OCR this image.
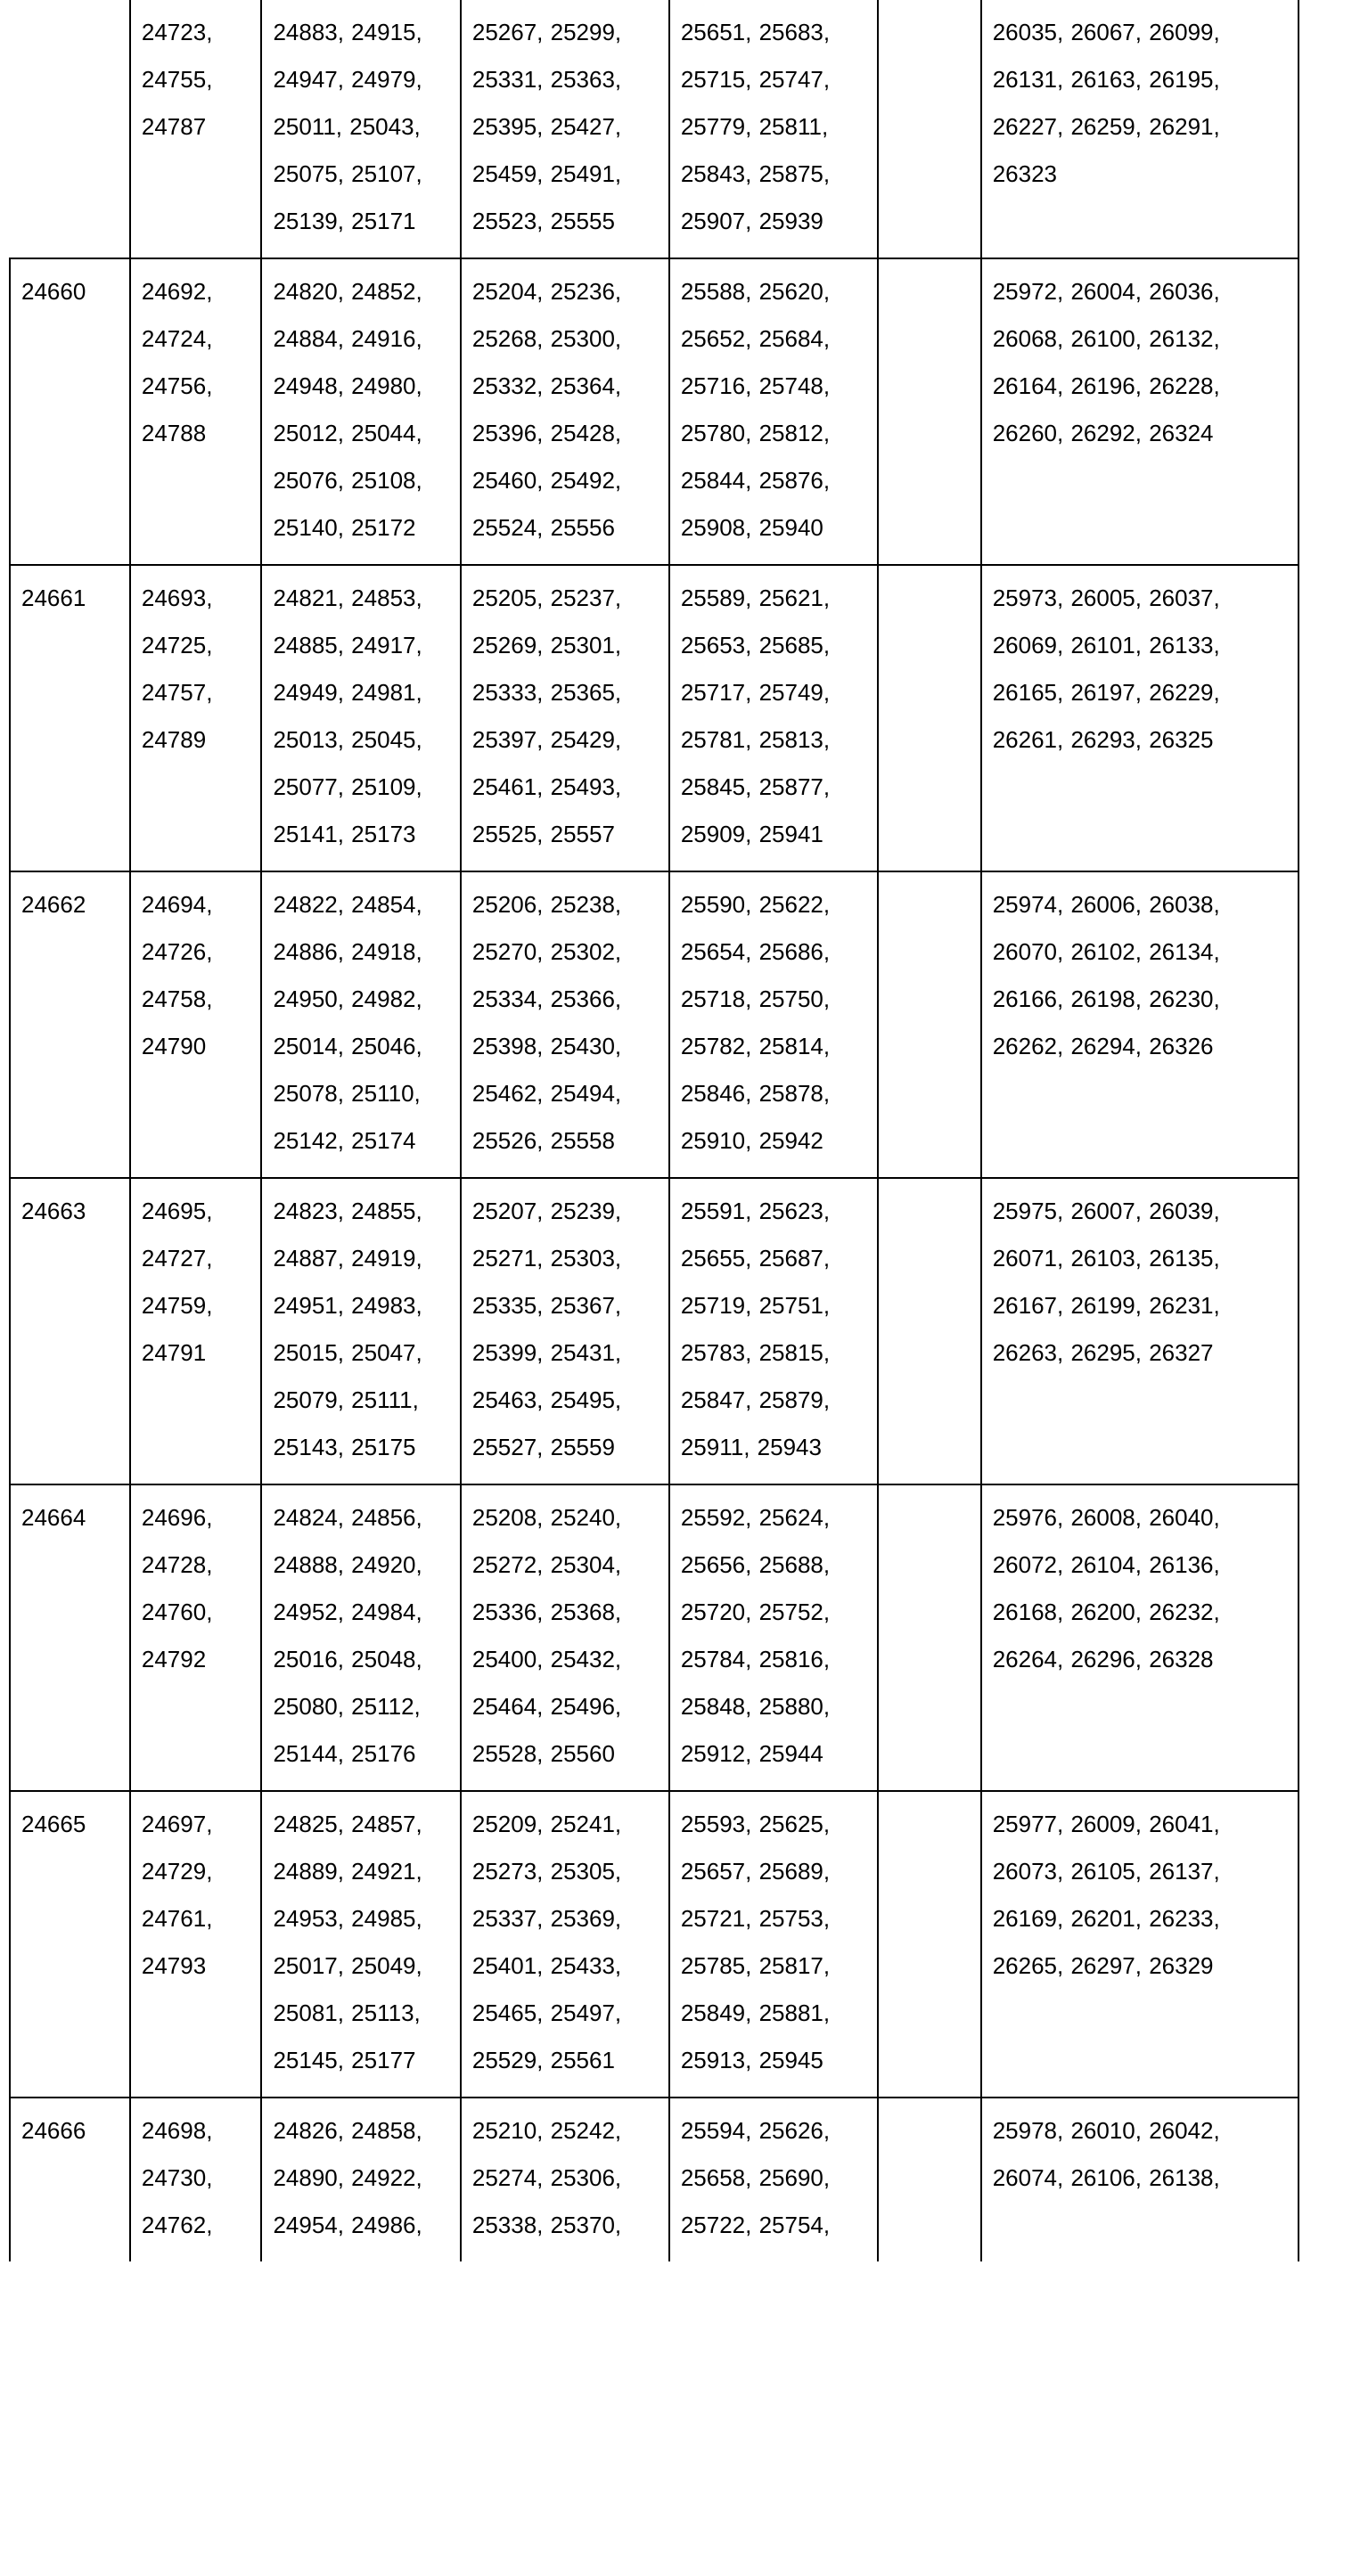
	24723, 24755, 24787	24883, 24915, 24947, 24979, 25011, 25043, 25075, 25107, 25139, 25171	25267, 25299, 25331, 25363, 25395, 25427, 25459, 25491, 25523, 25555	25651, 25683, 25715, 25747, 25779, 25811, 25843, 25875, 25907, 25939		26035, 26067, 26099, 26131, 26163, 26195, 26227, 26259, 26291, 26323
24660	24692, 24724, 24756, 24788	24820, 24852, 24884, 24916, 24948, 24980, 25012, 25044, 25076, 25108, 25140, 25172	25204, 25236, 25268, 25300, 25332, 25364, 25396, 25428, 25460, 25492, 25524, 25556	25588, 25620, 25652, 25684, 25716, 25748, 25780, 25812, 25844, 25876, 25908, 25940		25972, 26004, 26036, 26068, 26100, 26132, 26164, 26196, 26228, 26260, 26292, 26324
24661	24693, 24725, 24757, 24789	24821, 24853, 24885, 24917, 24949, 24981, 25013, 25045, 25077, 25109, 25141, 25173	25205, 25237, 25269, 25301, 25333, 25365, 25397, 25429, 25461, 25493, 25525, 25557	25589, 25621, 25653, 25685, 25717, 25749, 25781, 25813, 25845, 25877, 25909, 25941		25973, 26005, 26037, 26069, 26101, 26133, 26165, 26197, 26229, 26261, 26293, 26325
24662	24694, 24726, 24758, 24790	24822, 24854, 24886, 24918, 24950, 24982, 25014, 25046, 25078, 25110, 25142, 25174	25206, 25238, 25270, 25302, 25334, 25366, 25398, 25430, 25462, 25494, 25526, 25558	25590, 25622, 25654, 25686, 25718, 25750, 25782, 25814, 25846, 25878, 25910, 25942		25974, 26006, 26038, 26070, 26102, 26134, 26166, 26198, 26230, 26262, 26294, 26326
24663	24695, 24727, 24759, 24791	24823, 24855, 24887, 24919, 24951, 24983, 25015, 25047, 25079, 25111, 25143, 25175	25207, 25239, 25271, 25303, 25335, 25367, 25399, 25431, 25463, 25495, 25527, 25559	25591, 25623, 25655, 25687, 25719, 25751, 25783, 25815, 25847, 25879, 25911, 25943		25975, 26007, 26039, 26071, 26103, 26135, 26167, 26199, 26231, 26263, 26295, 26327
24664	24696, 24728, 24760, 24792	24824, 24856, 24888, 24920, 24952, 24984, 25016, 25048, 25080, 25112, 25144, 25176	25208, 25240, 25272, 25304, 25336, 25368, 25400, 25432, 25464, 25496, 25528, 25560	25592, 25624, 25656, 25688, 25720, 25752, 25784, 25816, 25848, 25880, 25912, 25944		25976, 26008, 26040, 26072, 26104, 26136, 26168, 26200, 26232, 26264, 26296, 26328
24665	24697, 24729, 24761, 24793	24825, 24857, 24889, 24921, 24953, 24985, 25017, 25049, 25081, 25113, 25145, 25177	25209, 25241, 25273, 25305, 25337, 25369, 25401, 25433, 25465, 25497, 25529, 25561	25593, 25625, 25657, 25689, 25721, 25753, 25785, 25817, 25849, 25881, 25913, 25945		25977, 26009, 26041, 26073, 26105, 26137, 26169, 26201, 26233, 26265, 26297, 26329
24666	24698, 24730, 24762,	24826, 24858, 24890, 24922, 24954, 24986,	25210, 25242, 25274, 25306, 25338, 25370,	25594, 25626, 25658, 25690, 25722, 25754,		25978, 26010, 26042, 26074, 26106, 26138,
